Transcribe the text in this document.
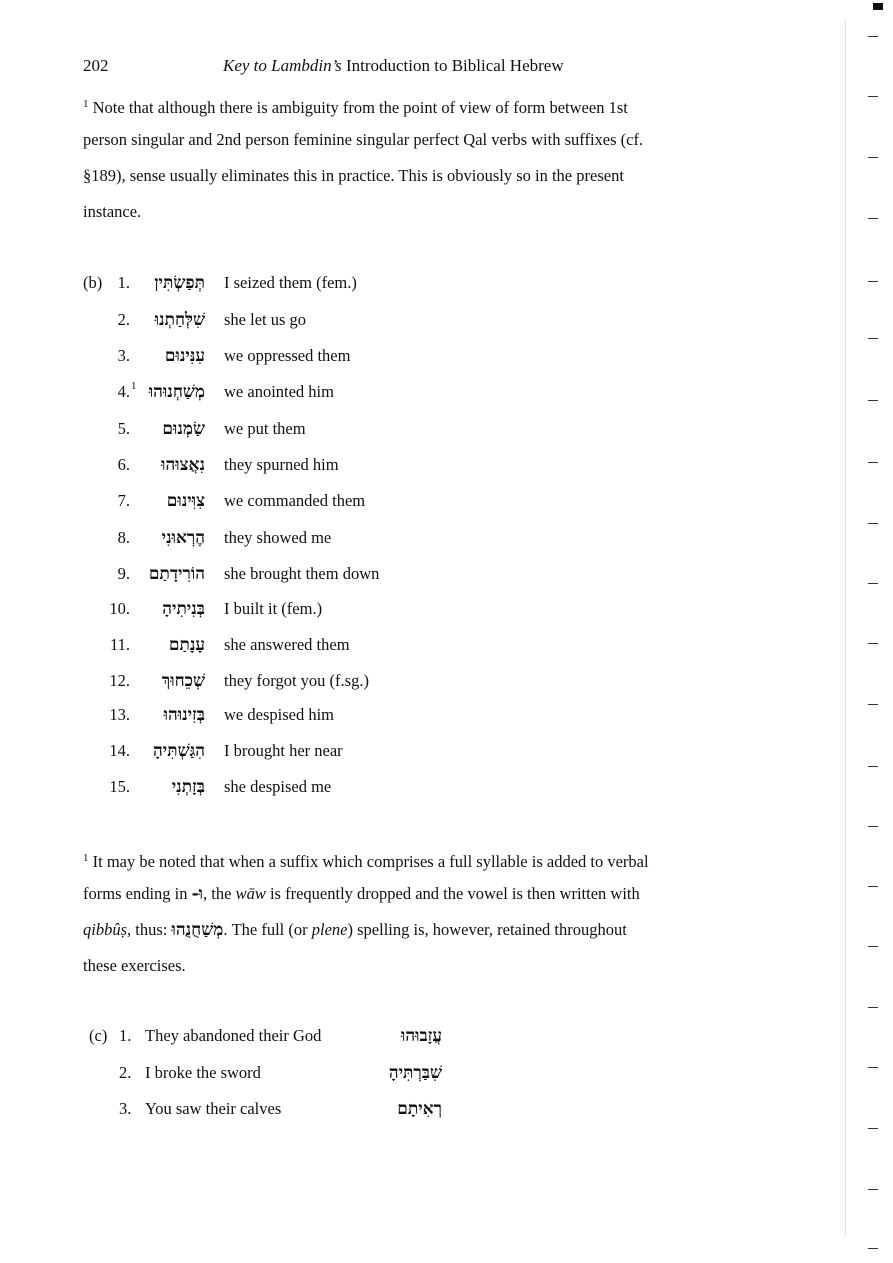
202	Key to Lambdin’s Introduction to Biblical Hebrew
$^1$ Note that although there is ambiguity from the point of view of form between 1st
person singular and 2nd person feminine singular perfect Qal verbs with suffixes (cf.
§189), sense usually eliminates this in practice. This is obviously so in the present
instance.
(b) 1.	תְּפַשְׂתִּין I seized them (fem.)
2.	שִׁלְּחַתְנוּ she let us go
3.	עִנִּינוּם we oppressed them
4. 1 מְשַׁחְנוּהוּ we anointed him
5.	שַׂמְנוּם we put them
6.	נִאֲצוּהוּ they spurned him
7.	צִוִּינוּם we commanded them
8.	הֶרְאוּנִי they showed me
9.	הוֹרִידָתַם she brought them down
10.	בְּנִיתִיהָ I built it (fem.)
11.	עָנָתַם she answered them
12.	שְׁכֵחוּךְ they forgot you (f.sg.)
13.	בְּזִינוּהוּ we despised him
14.	הִגַּשְׁתִּיהָ I brought her near
15.	בְּזָתְנִי she despised me
$^1$ It may be noted that when a suffix which comprises a full syllable is added to verbal
forms ending in וּ-, the wāw is frequently dropped and the vowel is then written with
qibbûṣ, thus: מְשַׁחֻנֻהוּ. The full (or plene) spelling is, however, retained throughout
these exercises.
(c) 1. They abandoned their God	עֲזָבוּהוּ
2. I broke the sword	שִׁבַּרְתִּיהָ
3. You saw their calves	רְאִיתָם
